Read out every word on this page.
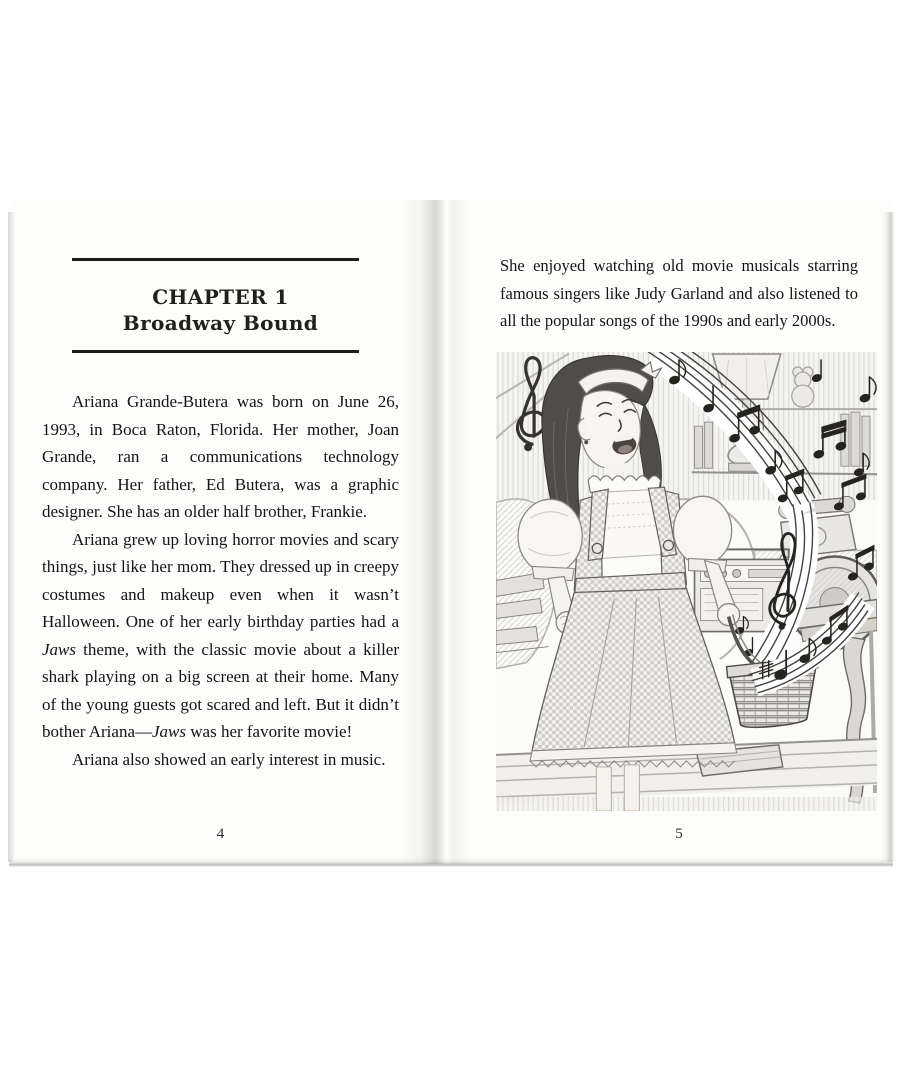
CHAPTER 1
Broadway Bound

Ariana Grande-Butera was born on June 26, 1993, in Boca Raton, Florida. Her mother, Joan Grande, ran a communications technology company. Her father, Ed Butera, was a graphic designer. She has an older half brother, Frankie.

Ariana grew up loving horror movies and scary things, just like her mom. They dressed up in creepy costumes and makeup even when it wasn’t Halloween. One of her early birthday parties had a Jaws theme, with the classic movie about a killer shark playing on a big screen at their home. Many of the young guests got scared and left. But it didn’t bother Ariana—Jaws was her favorite movie!

Ariana also showed an early interest in music.

4

She enjoyed watching old movie musicals starring famous singers like Judy Garland and also listened to all the popular songs of the 1990s and early 2000s.

5
